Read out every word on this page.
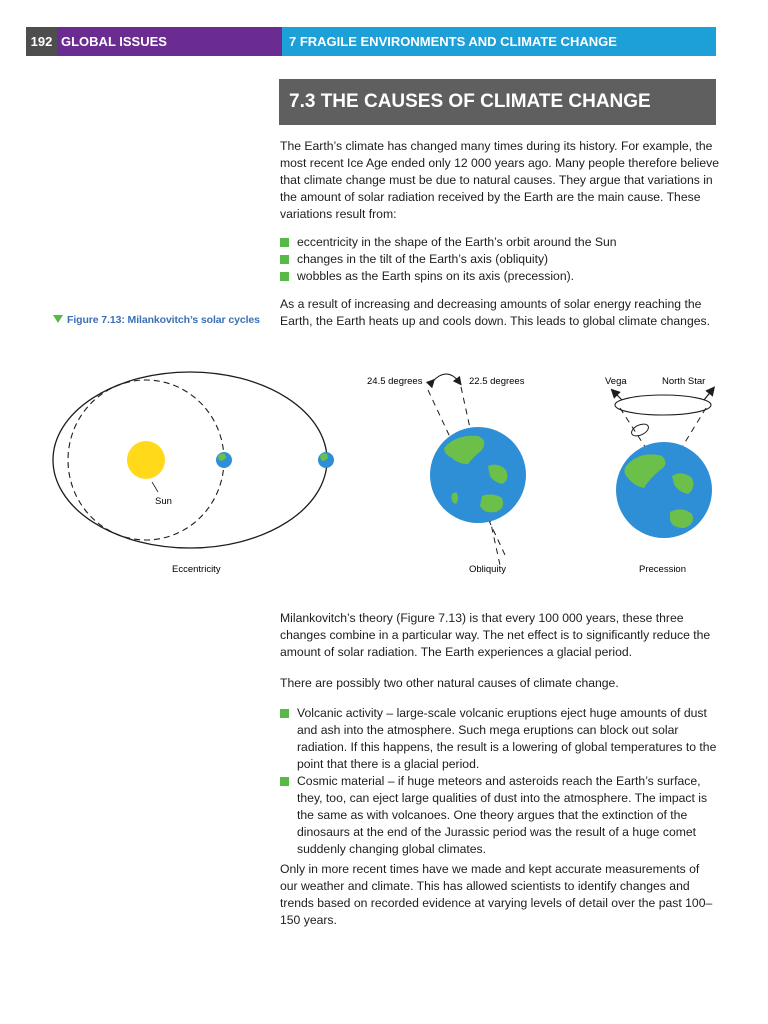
192 GLOBAL ISSUES	7 FRAGILE ENVIRONMENTS AND CLIMATE CHANGE
7.3 THE CAUSES OF CLIMATE CHANGE

The Earth’s climate has changed many times during its history. For example, the most recent Ice Age ended only 12 000 years ago. Many people therefore believe that climate change must be due to natural causes. They argue that variations in the amount of solar radiation received by the Earth are the main cause. These variations result from:

eccentricity in the shape of the Earth’s orbit around the Sun
changes in the tilt of the Earth’s axis (obliquity)
wobbles as the Earth spins on its axis (precession).

As a result of increasing and decreasing amounts of solar energy reaching the Earth, the Earth heats up and cools down. This leads to global climate changes.

Figure 7.13: Milankovitch’s solar cycles
Sun
Eccentricity
24.5 degrees	22.5 degrees
Obliquity
Vega	North Star
Precession

Milankovitch’s theory (Figure 7.13) is that every 100 000 years, these three changes combine in a particular way. The net effect is to significantly reduce the amount of solar radiation. The Earth experiences a glacial period.

There are possibly two other natural causes of climate change.

Volcanic activity – large-scale volcanic eruptions eject huge amounts of dust and ash into the atmosphere. Such mega eruptions can block out solar radiation. If this happens, the result is a lowering of global temperatures to the point that there is a glacial period.
Cosmic material – if huge meteors and asteroids reach the Earth’s surface, they, too, can eject large qualities of dust into the atmosphere. The impact is the same as with volcanoes. One theory argues that the extinction of the dinosaurs at the end of the Jurassic period was the result of a huge comet suddenly changing global climates.

Only in more recent times have we made and kept accurate measurements of our weather and climate. This has allowed scientists to identify changes and trends based on recorded evidence at varying levels of detail over the past 100–150 years.
